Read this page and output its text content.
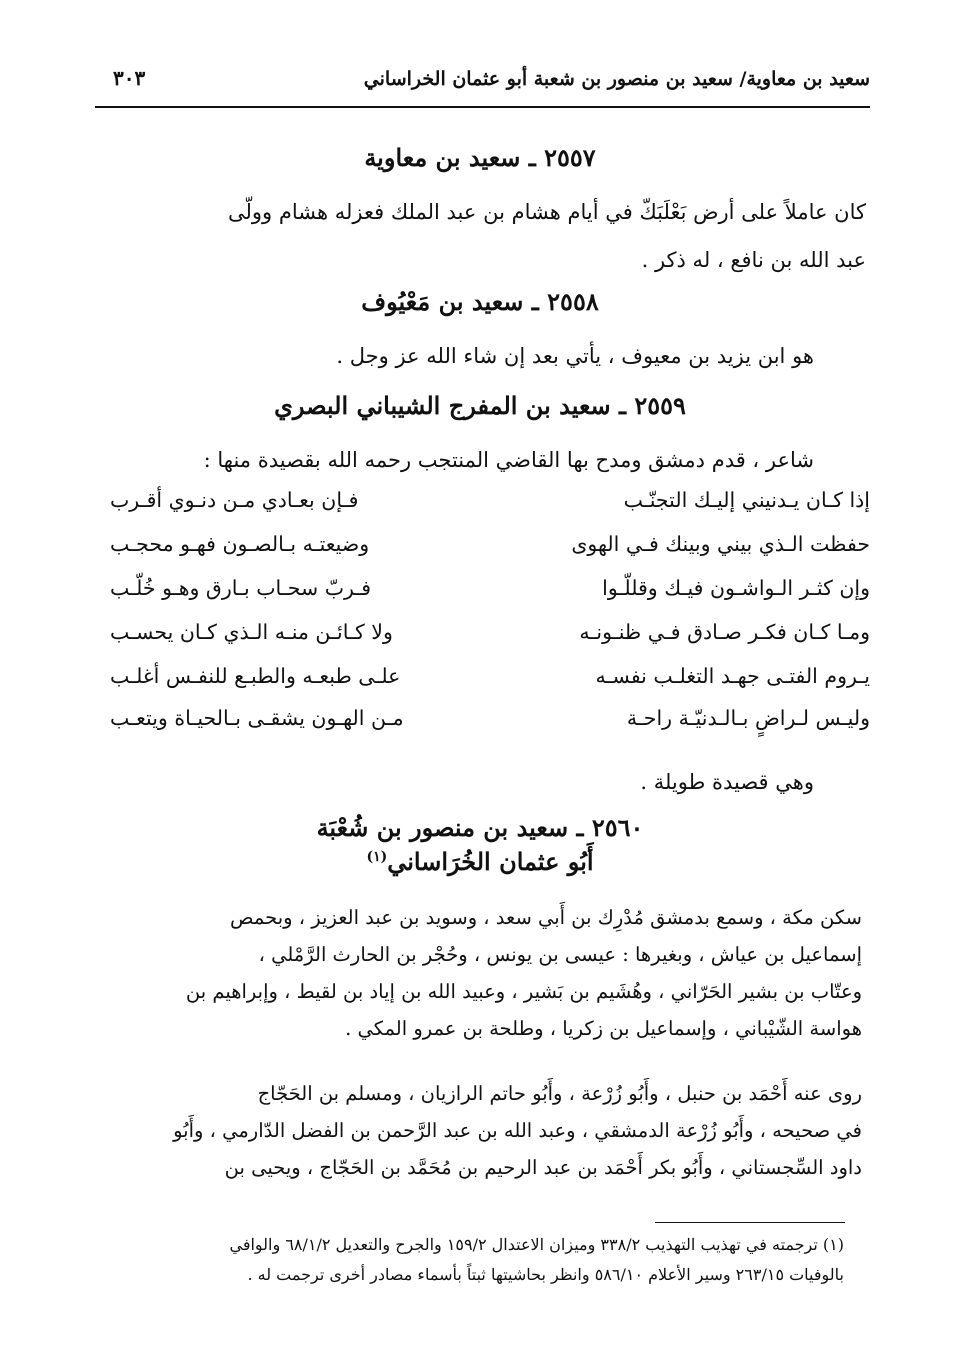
سعيد بن معاوية/ سعيد بن منصور بن شعبة أبو عثمان الخراساني
٣٠٣
٢٥٥٧ ـ سعيد بن معاوية
كان عاملاً على أرض بَعْلَبَكّ في أيام هشام بن عبد الملك فعزله هشام وولّى
عبد الله بن نافع ، له ذكر .
٢٥٥٨ ـ سعيد بن مَعْيُوف
هو ابن يزيد بن معيوف ، يأتي بعد إن شاء الله عز وجل .
٢٥٥٩ ـ سعيد بن المفرج الشيباني البصري
شاعر ، قدم دمشق ومدح بها القاضي المنتجب رحمه الله بقصيدة منها :
إذا كـان يـدنيني إليـك التجنّـب
فـإن بعـادي مـن دنـوي أقـرب
حفظت الـذي بيني وبينك فـي الهوى
وضيعتـه بـالصـون فهـو محجـب
وإن كثـر الـواشـون فيـك وقللّـوا
فـربّ سحـاب بـارق وهـو خُلّـب
ومـا كـان فكـر صـادق فـي ظنـونـه
ولا كـائـن منـه الـذي كـان يحسـب
يـروم الفتـى جهـد التغلـب نفسـه
علـى طبعـه والطبـع للنفـس أغلـب
وليـس لـراضٍ بـالـدنيّـة راحـة
مـن الهـون يشقـى بـالحيـاة ويتعـب
وهي قصيدة طويلة .
٢٥٦٠ ـ سعيد بن منصور بن شُعْبَة
أَبُو عثمان الخُرَاساني$^{(١)}$
سكن مكة ، وسمع بدمشق مُدْرِك بن أَبي سعد ، وسويد بن عبد العزيز ، وبحمص
إسماعيل بن عياش ، وبغيرها : عيسى بن يونس ، وحُجْر بن الحارث الرَّمْلي ،
وعتّاب بن بشير الحَرّاني ، وهُشَيم بن بَشير ، وعبيد الله بن إياد بن لقيط ، وإبراهيم بن
هواسة الشّيْباني ، وإسماعيل بن زكريا ، وطلحة بن عمرو المكي .
روى عنه أَحْمَد بن حنبل ، وأَبُو زُرْعة ، وأَبُو حاتم الرازيان ، ومسلم بن الحَجّاج
في صحيحه ، وأَبُو زُرْعة الدمشقي ، وعبد الله بن عبد الرَّحمن بن الفضل الدّارمي ، وأَبُو
داود السِّجستاني ، وأَبُو بكر أَحْمَد بن عبد الرحيم بن مُحَمَّد بن الحَجّاج ، ويحيى بن
(١) ترجمته في تهذيب التهذيب ٣٣٨/٢ وميزان الاعتدال ١٥٩/٢ والجرح والتعديل ٦٨/١/٢ والوافي
بالوفيات ٢٦٣/١٥ وسير الأعلام ٥٨٦/١٠ وانظر بحاشيتها ثبتاً بأسماء مصادر أخرى ترجمت له .
